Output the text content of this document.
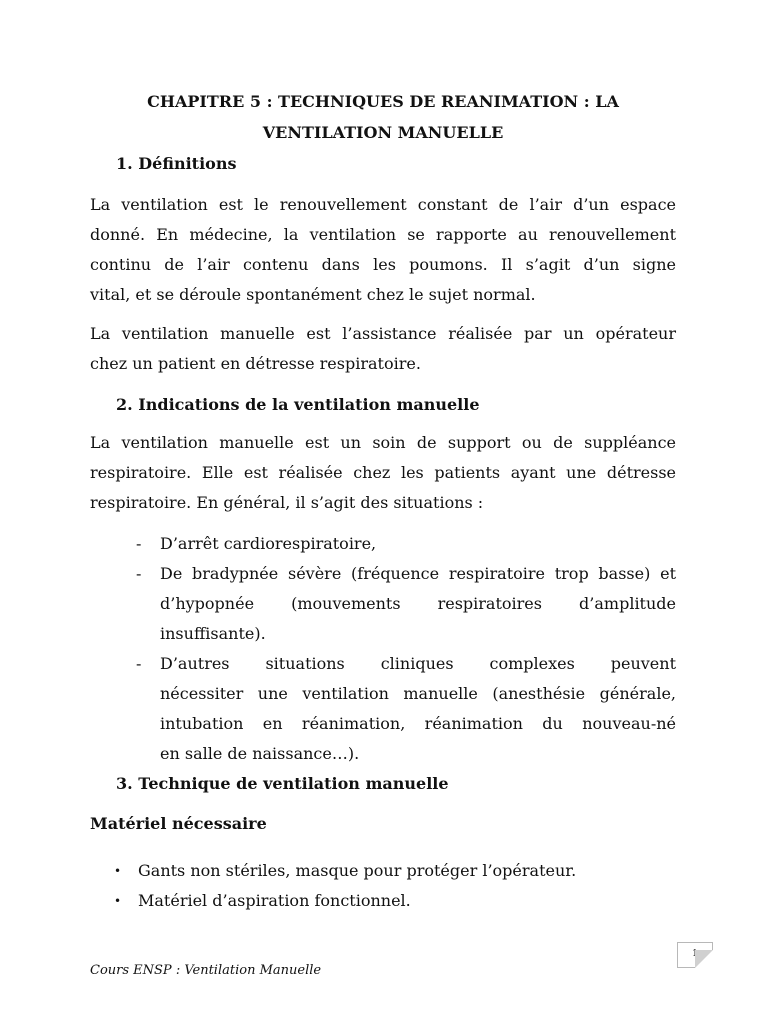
CHAPITRE 5 : TECHNIQUES DE REANIMATION : LA
VENTILATION MANUELLE
1. Définitions

La ventilation est le renouvellement constant de l’air d’un espace
donné. En médecine, la ventilation se rapporte au renouvellement
continu de l’air contenu dans les poumons. Il s’agit d’un signe
vital, et se déroule spontanément chez le sujet normal.

La ventilation manuelle est l’assistance réalisée par un opérateur
chez un patient en détresse respiratoire.

2. Indications de la ventilation manuelle

La ventilation manuelle est un soin de support ou de suppléance
respiratoire. Elle est réalisée chez les patients ayant une détresse
respiratoire. En général, il s’agit des situations :

- D’arrêt cardiorespiratoire,
- De bradypnée sévère (fréquence respiratoire trop basse) et
d’hypopnée (mouvements respiratoires d’amplitude
insuffisante).
- D’autres situations cliniques complexes peuvent
nécessiter une ventilation manuelle (anesthésie générale,
intubation en réanimation, réanimation du nouveau-né
en salle de naissance…).
3. Technique de ventilation manuelle
Matériel nécessaire
• Gants non stériles, masque pour protéger l’opérateur.
• Matériel d’aspiration fonctionnel.
1
Cours ENSP : Ventilation Manuelle
